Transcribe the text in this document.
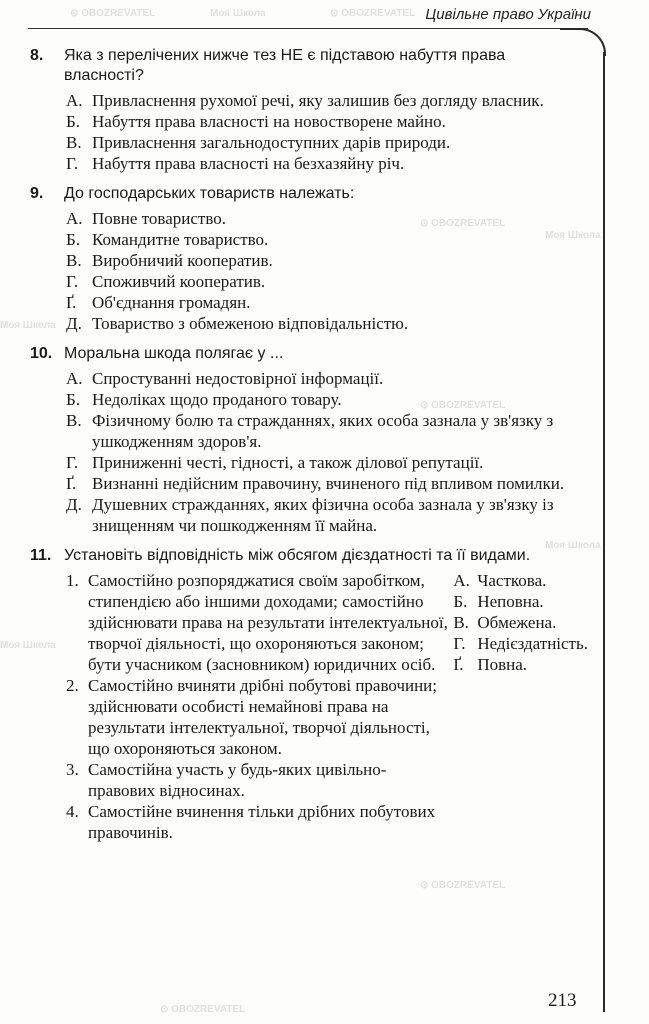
Цивільне право України
8.	Яка з перелічених нижче тез НЕ є підставою набуття права власності?
А. Привласнення рухомої речі, яку залишив без догляду власник.
Б. Набуття права власності на новостворене майно.
В. Привласнення загальнодоступних дарів природи.
Г. Набуття права власності на безхазяйну річ.
9.	До господарських товариств належать:
А. Повне товариство.
Б. Командитне товариство.
В. Виробничий кооператив.
Г. Споживчий кооператив.
Ґ. Об'єднання громадян.
Д. Товариство з обмеженою відповідальністю.
10. Моральна шкода полягає у ...
А. Спростуванні недостовірної інформації.
Б. Недоліках щодо проданого товару.
В. Фізичному болю та стражданнях, яких особа зазнала у зв'язку з ушкодженням здоров'я.
Г. Приниженні честі, гідності, а також ділової репутації.
Ґ. Визнанні недійсним правочину, вчиненого під впливом помилки.
Д. Душевних стражданнях, яких фізична особа зазнала у зв'язку із знищенням чи пошкодженням її майна.
11. Установіть відповідність між обсягом дієздатності та її видами.
1. Самостійно розпоряджатися своїм заробітком, стипендією або іншими доходами; самостійно здійснювати права на результати інтелектуальної, творчої діяльності, що охороняються законом; бути учасником (засновником) юридичних осіб.
2. Самостійно вчиняти дрібні побутові правочини; здійснювати особисті немайнові права на результати інтелектуальної, творчої діяльності, що охороняються законом.
3. Самостійна участь у будь-яких цивільно-правових відносинах.
4. Самостійне вчинення тільки дрібних побутових правочинів.
А. Часткова.
Б. Неповна.
В. Обмежена.
Г. Недієздатність.
Ґ. Повна.
213
⊙ OBOZREVATEL	Моя Школа	⊙ OBOZREVATEL
⊙ OBOZREVATEL
Моя Школа
Моя Школа
⊙ OBOZREVATEL
Моя Школа
Моя Школа
⊙ OBOZREVATEL
⊙ OBOZREVATEL
